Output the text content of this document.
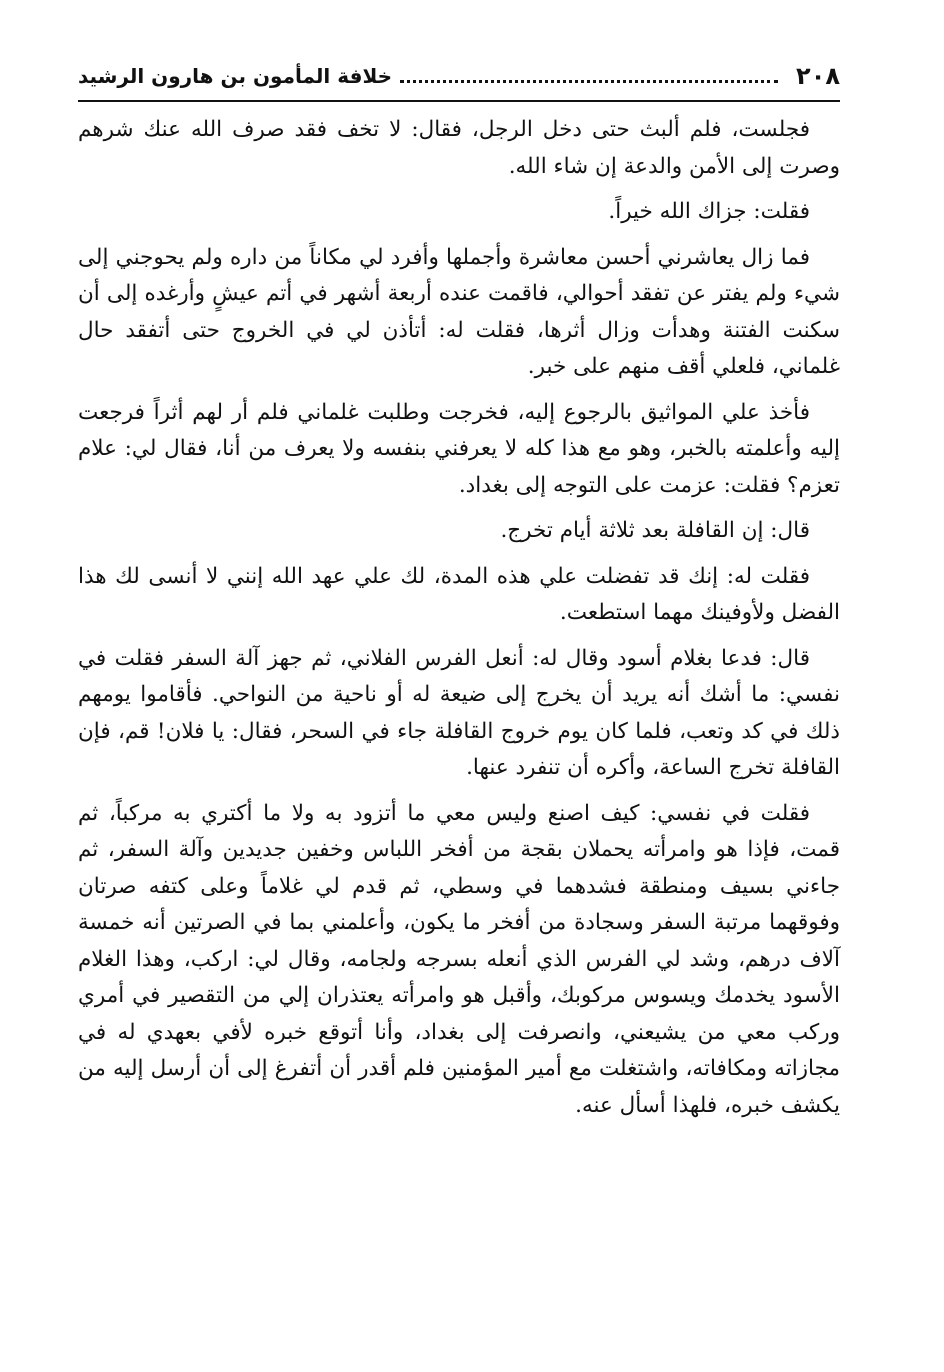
٢٠٨
خلافة المأمون بن هارون الرشيد

فجلست، فلم ألبث حتى دخل الرجل، فقال: لا تخف فقد صرف الله عنك شرهم وصرت إلى الأمن والدعة إن شاء الله.

فقلت: جزاك الله خيراً.

فما زال يعاشرني أحسن معاشرة وأجملها وأفرد لي مكاناً من داره ولم يحوجني إلى شيء ولم يفتر عن تفقد أحوالي، فاقمت عنده أربعة أشهر في أتم عيشٍ وأرغده إلى أن سكنت الفتنة وهدأت وزال أثرها، فقلت له: أتأذن لي في الخروج حتى أتفقد حال غلماني، فلعلي أقف منهم على خبر.

فأخذ علي المواثيق بالرجوع إليه، فخرجت وطلبت غلماني فلم أر لهم أثراً فرجعت إليه وأعلمته بالخبر، وهو مع هذا كله لا يعرفني بنفسه ولا يعرف من أنا، فقال لي: علام تعزم؟ فقلت: عزمت على التوجه إلى بغداد.

قال: إن القافلة بعد ثلاثة أيام تخرج.

فقلت له: إنك قد تفضلت علي هذه المدة، لك علي عهد الله إنني لا أنسى لك هذا الفضل ولأوفينك مهما استطعت.

قال: فدعا بغلام أسود وقال له: أنعل الفرس الفلاني، ثم جهز آلة السفر فقلت في نفسي: ما أشك أنه يريد أن يخرج إلى ضيعة له أو ناحية من النواحي. فأقاموا يومهم ذلك في كد وتعب، فلما كان يوم خروج القافلة جاء في السحر، فقال: يا فلان! قم، فإن القافلة تخرج الساعة، وأكره أن تنفرد عنها.

فقلت في نفسي: كيف اصنع وليس معي ما أتزود به ولا ما أكتري به مركباً، ثم قمت، فإذا هو وامرأته يحملان بقجة من أفخر اللباس وخفين جديدين وآلة السفر، ثم جاءني بسيف ومنطقة فشدهما في وسطي، ثم قدم لي غلاماً وعلى كتفه صرتان وفوقهما مرتبة السفر وسجادة من أفخر ما يكون، وأعلمني بما في الصرتين أنه خمسة آلاف درهم، وشد لي الفرس الذي أنعله بسرجه ولجامه، وقال لي: اركب، وهذا الغلام الأسود يخدمك ويسوس مركوبك، وأقبل هو وامرأته يعتذران إلي من التقصير في أمري وركب معي من يشيعني، وانصرفت إلى بغداد، وأنا أتوقع خبره لأفي بعهدي له في مجازاته ومكافاته، واشتغلت مع أمير المؤمنين فلم أقدر أن أتفرغ إلى أن أرسل إليه من يكشف خبره، فلهذا أسأل عنه.
